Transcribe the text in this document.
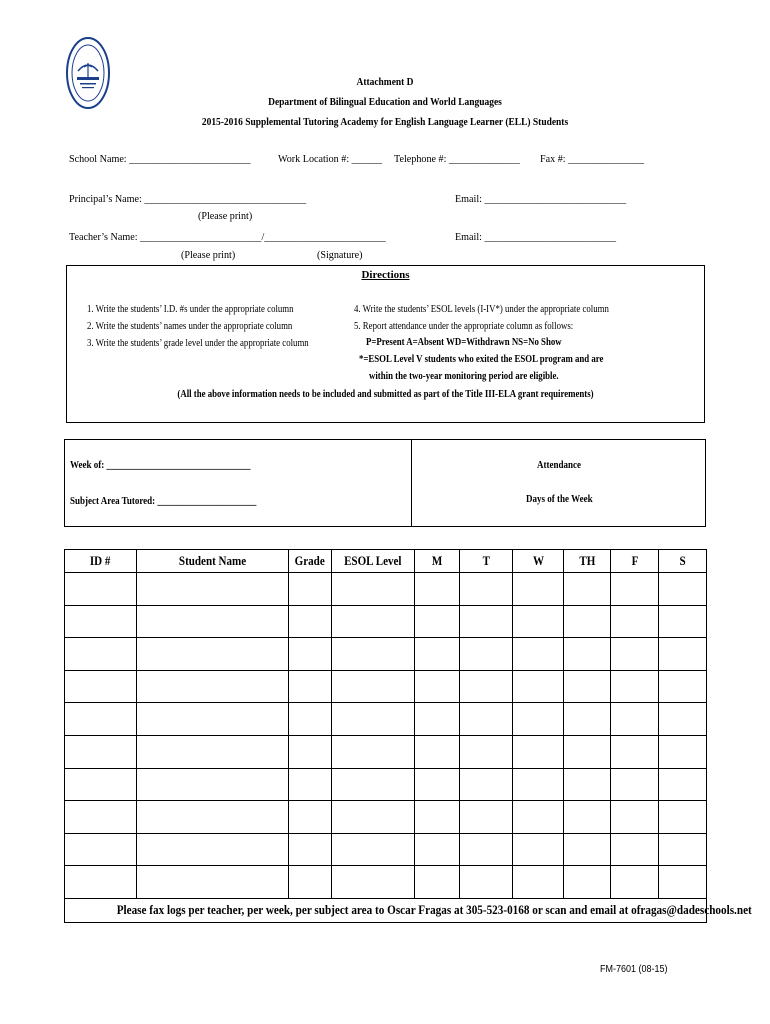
Attachment D
Department of Bilingual Education and World Languages
2015-2016 Supplemental Tutoring Academy for English Language Learner (ELL) Students
School Name: ________________________ Work Location #: ______ Telephone #: ______________ Fax #: _______________
Principal’s Name: ________________________________
(Please print)
Email: ____________________________
Teacher’s Name: ________________________/________________________
(Please print)	(Signature)
Email: __________________________
Directions
1. Write the students’ I.D. #s under the appropriate column
2. Write the students’ names under the appropriate column
3. Write the students’ grade level under the appropriate column
4. Write the students’ ESOL levels (I-IV*) under the appropriate column
5. Report attendance under the appropriate column as follows:
P=Present A=Absent WD=Withdrawn NS=No Show
*=ESOL Level V students who exited the ESOL program and are
within the two-year monitoring period are eligible.
(All the above information needs to be included and submitted as part of the Title III-ELA grant requirements)
Week of: ________________________________
Subject Area Tutored: ______________________
Attendance
Days of the Week
ID #	Student Name	Grade	ESOL Level	M	T	W	TH	F	S

Please fax logs per teacher, per week, per subject area to Oscar Fragas at 305-523-0168 or scan and email at ofragas@dadeschools.net									
FM-7601 (08-15)
